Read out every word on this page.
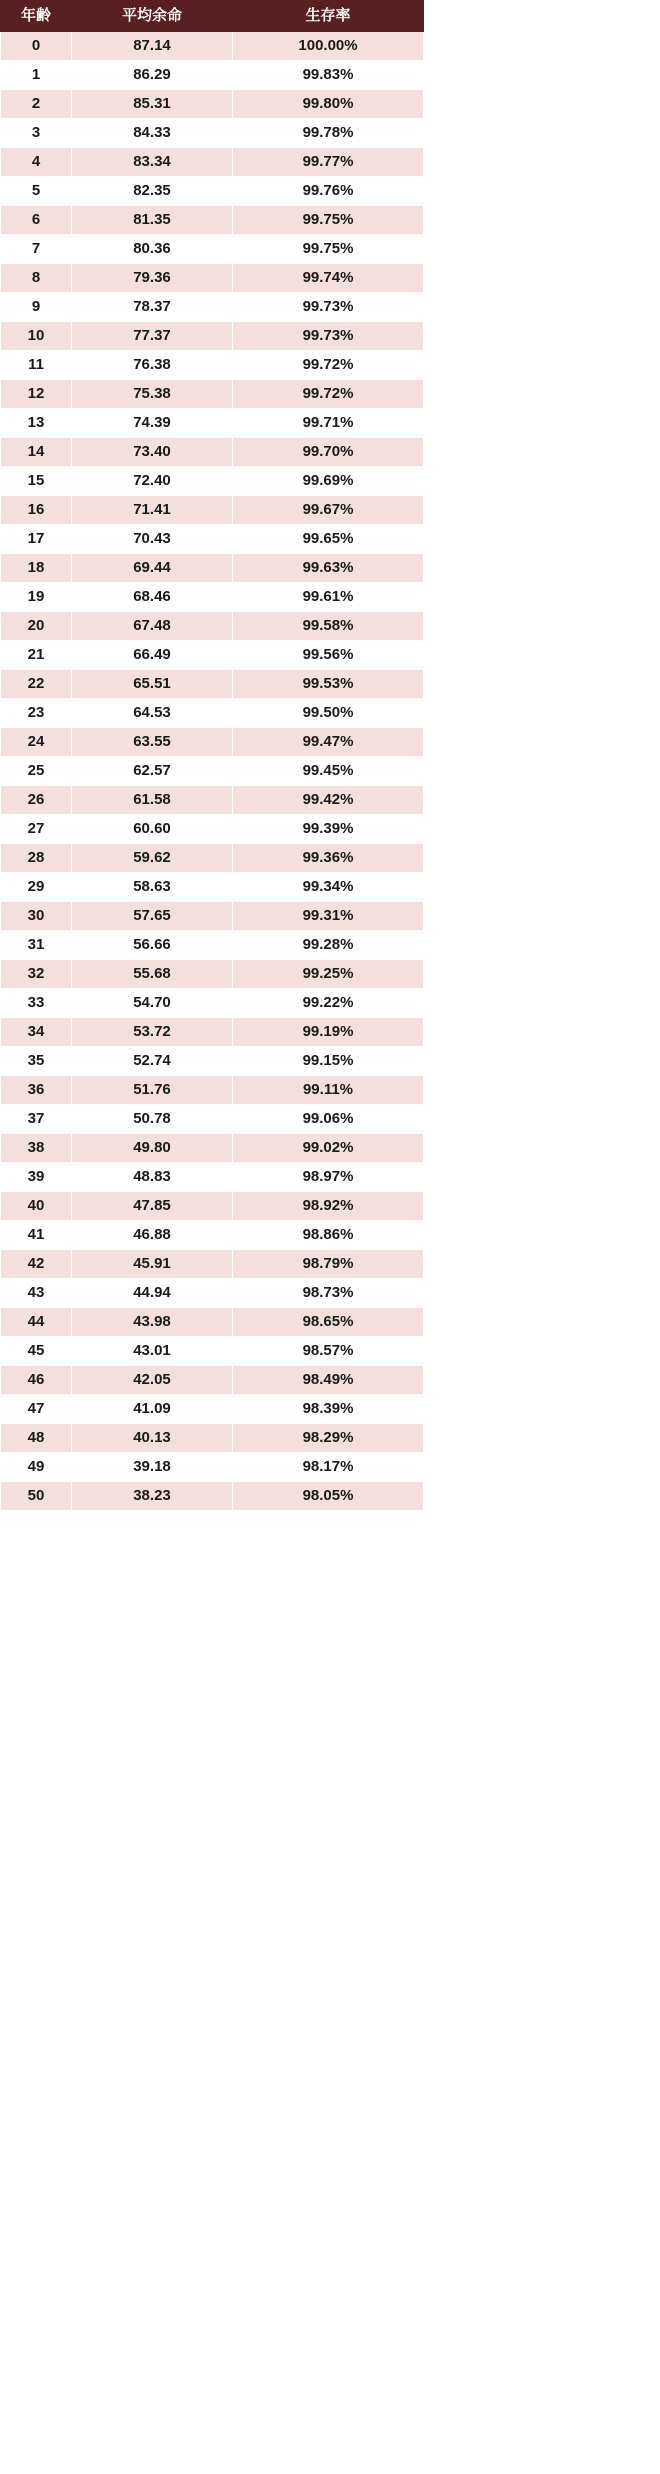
年齢	平均余命	生存率
0	87.14	100.00%
1	86.29	99.83%
2	85.31	99.80%
3	84.33	99.78%
4	83.34	99.77%
5	82.35	99.76%
6	81.35	99.75%
7	80.36	99.75%
8	79.36	99.74%
9	78.37	99.73%
10	77.37	99.73%
11	76.38	99.72%
12	75.38	99.72%
13	74.39	99.71%
14	73.40	99.70%
15	72.40	99.69%
16	71.41	99.67%
17	70.43	99.65%
18	69.44	99.63%
19	68.46	99.61%
20	67.48	99.58%
21	66.49	99.56%
22	65.51	99.53%
23	64.53	99.50%
24	63.55	99.47%
25	62.57	99.45%
26	61.58	99.42%
27	60.60	99.39%
28	59.62	99.36%
29	58.63	99.34%
30	57.65	99.31%
31	56.66	99.28%
32	55.68	99.25%
33	54.70	99.22%
34	53.72	99.19%
35	52.74	99.15%
36	51.76	99.11%
37	50.78	99.06%
38	49.80	99.02%
39	48.83	98.97%
40	47.85	98.92%
41	46.88	98.86%
42	45.91	98.79%
43	44.94	98.73%
44	43.98	98.65%
45	43.01	98.57%
46	42.05	98.49%
47	41.09	98.39%
48	40.13	98.29%
49	39.18	98.17%
50	38.23	98.05%
